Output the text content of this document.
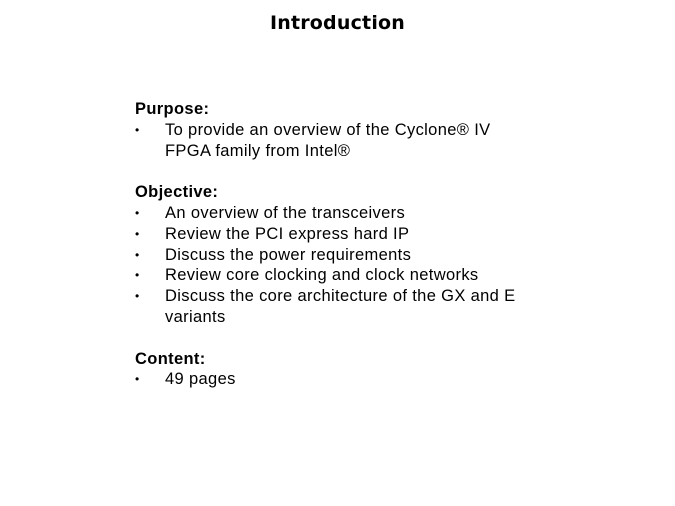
Introduction
Purpose:
• To provide an overview of the Cyclone® IV FPGA family from Intel®
Objective:
• An overview of the transceivers
• Review the PCI express hard IP
• Discuss the power requirements
• Review core clocking and clock networks
• Discuss the core architecture of the GX and E variants
Content:
• 49 pages
